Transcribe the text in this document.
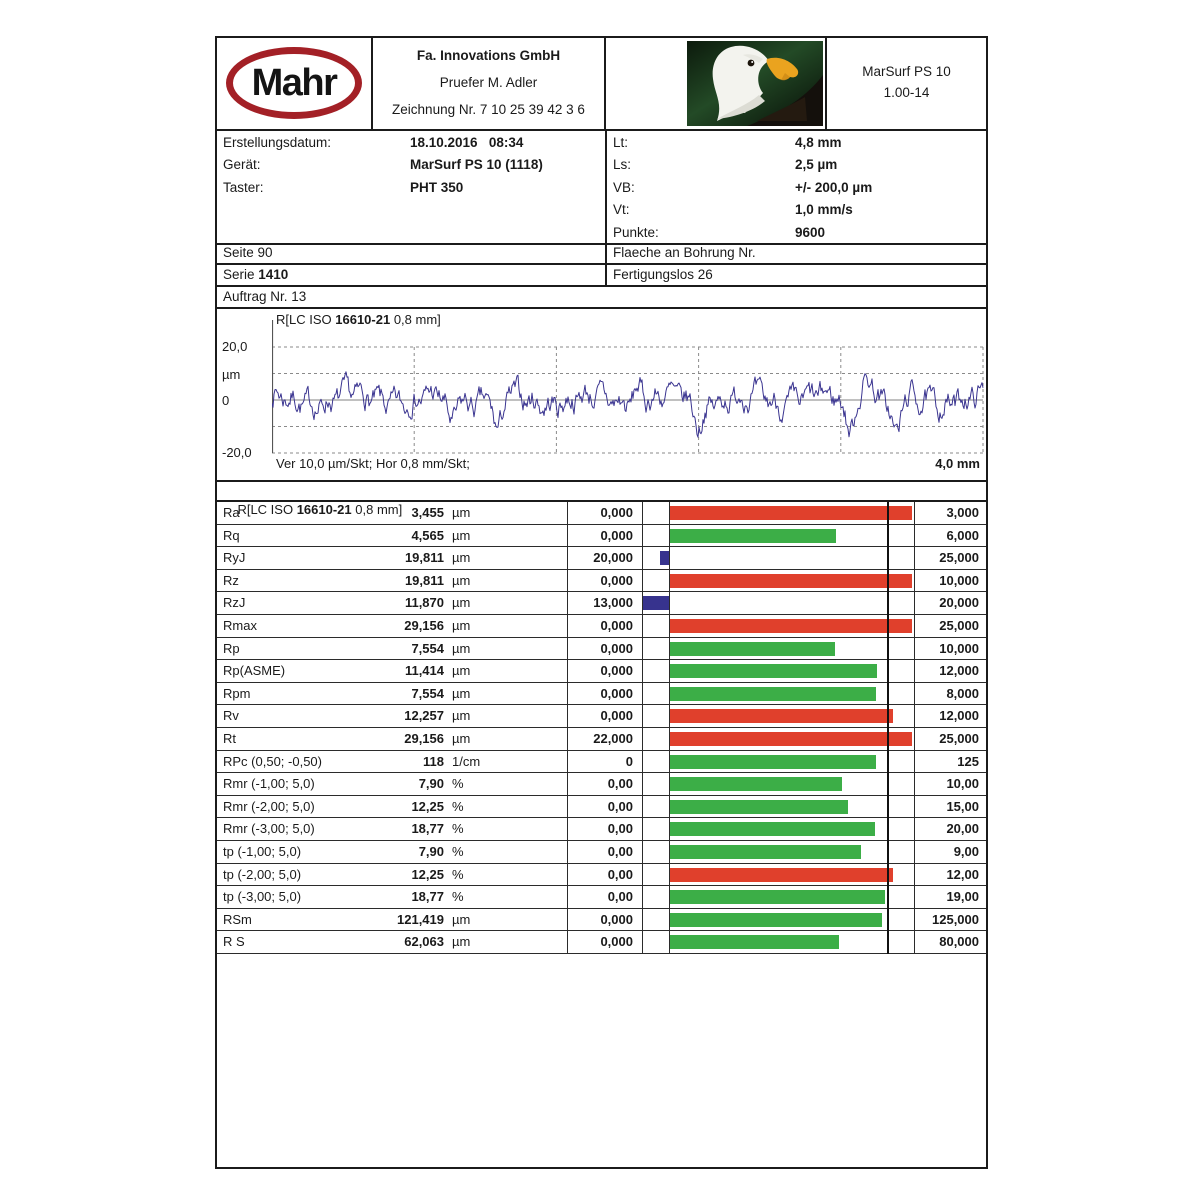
Mahr
Fa. Innovations GmbH
Pruefer M. Adler
Zeichnung Nr. 7 10 25 39 42 3 6
MarSurf PS 10
1.00-14
Erstellungsdatum:	18.10.2016   08:34
Gerät:	MarSurf PS 10 (1118)
Taster:	PHT 350
Lt:	4,8 mm
Ls:	2,5 µm
VB:	+/- 200,0 µm
Vt:	1,0 mm/s
Punkte:	9600
Seite 90	Flaeche an Bohrung Nr.
Serie 1410	Fertigungslos 26
Auftrag Nr. 13
20,0
µm
0
-20,0
R[LC ISO 16610-21 0,8 mm]
Ver 10,0 µm/Skt; Hor 0,8 mm/Skt;	4,0 mm

R[LC ISO 16610-21 0,8 mm]

Ra	3,455 µm	0,000	3,000
Rq	4,565 µm	0,000	6,000
RyJ	19,811 µm	20,000	25,000
Rz	19,811 µm	0,000	10,000
RzJ	11,870 µm	13,000	20,000
Rmax	29,156 µm	0,000	25,000
Rp	7,554 µm	0,000	10,000
Rp(ASME)	11,414 µm	0,000	12,000
Rpm	7,554 µm	0,000	8,000
Rv	12,257 µm	0,000	12,000
Rt	29,156 µm	22,000	25,000
RPc (0,50; -0,50)	118 1/cm	0	125
Rmr (-1,00; 5,0)	7,90 %	0,00	10,00
Rmr (-2,00; 5,0)	12,25 %	0,00	15,00
Rmr (-3,00; 5,0)	18,77 %	0,00	20,00
tp (-1,00; 5,0)	7,90 %	0,00	9,00
tp (-2,00; 5,0)	12,25 %	0,00	12,00
tp (-3,00; 5,0)	18,77 %	0,00	19,00
RSm	121,419 µm	0,000	125,000
R S	62,063 µm	0,000	80,000
